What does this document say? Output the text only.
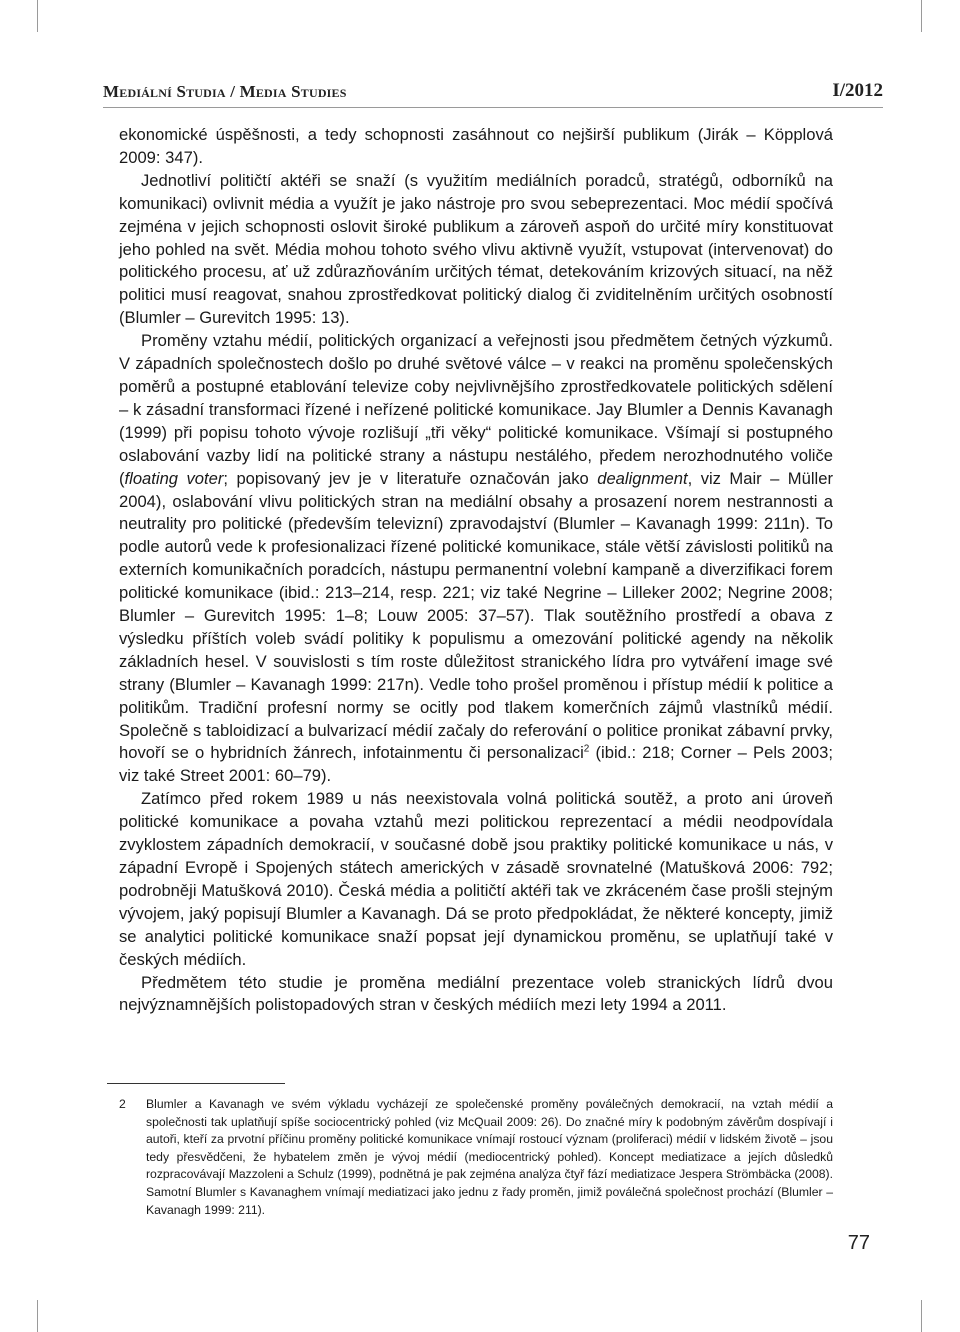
Mediální Studia / Media Studies	I/2012

ekonomické úspěšnosti, a tedy schopnosti zasáhnout co nejširší publikum (Jirák – Köpplová 2009: 347).

Jednotliví političtí aktéři se snaží (s využitím mediálních poradců, stratégů, odborníků na komunikaci) ovlivnit média a využít je jako nástroje pro svou sebeprezentaci. Moc médií spočívá zejména v jejich schopnosti oslovit široké publikum a zároveň aspoň do určité míry konstituovat jeho pohled na svět. Média mohou tohoto svého vlivu aktivně využít, vstupovat (intervenovat) do politického procesu, ať už zdůrazňováním určitých témat, detekováním krizových situací, na něž politici musí reagovat, snahou zprostředkovat politický dialog či zviditelněním určitých osobností (Blumler – Gurevitch 1995: 13).

Proměny vztahu médií, politických organizací a veřejnosti jsou předmětem četných výzkumů. V západních společnostech došlo po druhé světové válce – v reakci na proměnu společenských poměrů a postupné etablování televize coby nejvlivnějšího zprostředkovatele politických sdělení – k zásadní transformaci řízené i neřízené politické komunikace. Jay Blumler a Dennis Kavanagh (1999) při popisu tohoto vývoje rozlišují „tři věky“ politické komunikace. Všímají si postupného oslabování vazby lidí na politické strany a nástupu nestálého, předem nerozhodnutého voliče (floating voter; popisovaný jev je v literatuře označován jako dealignment, viz Mair – Müller 2004), oslabování vlivu politických stran na mediální obsahy a prosazení norem nestrannosti a neutrality pro politické (především televizní) zpravodajství (Blumler – Kavanagh 1999: 211n). To podle autorů vede k profesionalizaci řízené politické komunikace, stále větší závislosti politiků na externích komunikačních poradcích, nástupu permanentní volební kampaně a diverzifikaci forem politické komunikace (ibid.: 213–214, resp. 221; viz také Negrine – Lilleker 2002; Negrine 2008; Blumler – Gurevitch 1995: 1–8; Louw 2005: 37–57). Tlak soutěžního prostředí a obava z výsledku příštích voleb svádí politiky k populismu a omezování politické agendy na několik základních hesel. V souvislosti s tím roste důležitost stranického lídra pro vytváření image své strany (Blumler – Kavanagh 1999: 217n). Vedle toho prošel proměnou i přístup médií k politice a politikům. Tradiční profesní normy se ocitly pod tlakem komerčních zájmů vlastníků médií. Společně s tabloidizací a bulvarizací médií začaly do referování o politice pronikat zábavní prvky, hovoří se o hybridních žánrech, infotainmentu či personalizaci$^2$ (ibid.: 218; Corner – Pels 2003; viz také Street 2001: 60–79).

Zatímco před rokem 1989 u nás neexistovala volná politická soutěž, a proto ani úroveň politické komunikace a povaha vztahů mezi politickou reprezentací a médii neodpovídala zvyklostem západních demokracií, v současné době jsou praktiky politické komunikace u nás, v západní Evropě i Spojených státech amerických v zásadě srovnatelné (Matušková 2006: 792; podrobněji Matušková 2010). Česká média a političtí aktéři tak ve zkráceném čase prošli stejným vývojem, jaký popisují Blumler a Kavanagh. Dá se proto předpokládat, že některé koncepty, jimiž se analytici politické komunikace snaží popsat její dynamickou proměnu, se uplatňují také v českých médiích.

Předmětem této studie je proměna mediální prezentace voleb stranických lídrů dvou nejvýznamnějších polistopadových stran v českých médiích mezi lety 1994 a 2011.

2 Blumler a Kavanagh ve svém výkladu vycházejí ze společenské proměny poválečných demokracií, na vztah médií a společnosti tak uplatňují spíše sociocentrický pohled (viz McQuail 2009: 26). Do značné míry k podobným závěrům dospívají i autoři, kteří za prvotní příčinu proměny politické komunikace vnímají rostoucí význam (proliferaci) médií v lidském životě – jsou tedy přesvědčeni, že hybatelem změn je vývoj médií (mediocentrický pohled). Koncept mediatizace a jejích důsledků rozpracovávají Mazzoleni a Schulz (1999), podnětná je pak zejména analýza čtyř fází mediatizace Jespera Strömbäcka (2008). Samotní Blumler s Kavanaghem vnímají mediatizaci jako jednu z řady proměn, jimiž poválečná společnost prochází (Blumler – Kavanagh 1999: 211).

77
